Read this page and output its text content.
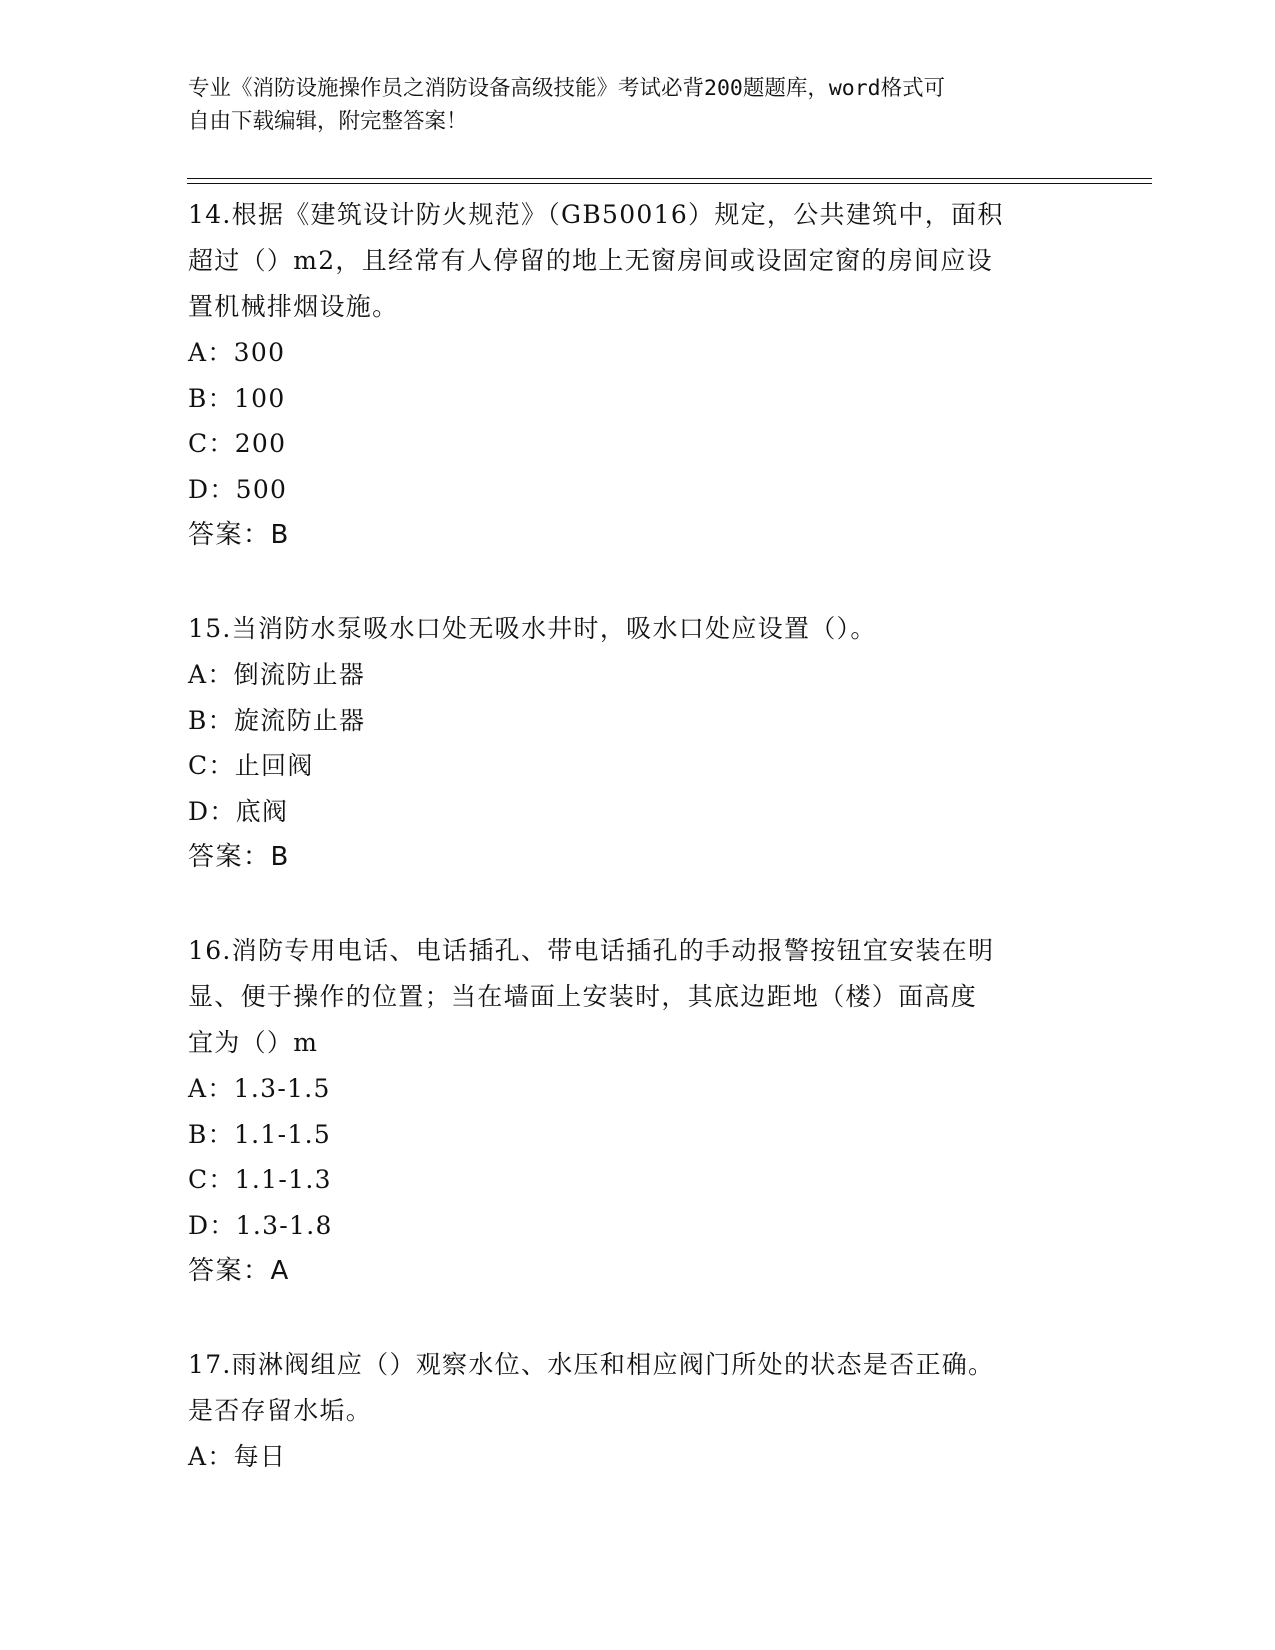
专业《消防设施操作员之消防设备高级技能》考试必背200题题库，word格式可
自由下载编辑，附完整答案！

14.根据《建筑设计防火规范》（GB50016）规定，公共建筑中，面积

超过（）m2，且经常有人停留的地上无窗房间或设固定窗的房间应设

置机械排烟设施。

A：300

B：100

C：200

D：500

答案：B

15.当消防水泵吸水口处无吸水井时，吸水口处应设置（）。

A：倒流防止器

B：旋流防止器

C：止回阀

D：底阀

答案：B

16.消防专用电话、电话插孔、带电话插孔的手动报警按钮宜安装在明

显、便于操作的位置；当在墙面上安装时，其底边距地（楼）面高度

宜为（）m

A：1.3-1.5

B：1.1-1.5

C：1.1-1.3

D：1.3-1.8

答案：A

17.雨淋阀组应（）观察水位、水压和相应阀门所处的状态是否正确。

是否存留水垢。

A：每日
